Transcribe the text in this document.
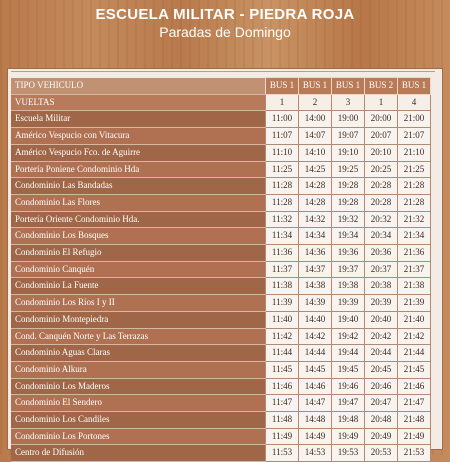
ESCUELA MILITAR - PIEDRA ROJA
Paradas de Domingo
TIPO VEHICULO	BUS 1	BUS 1	BUS 1	BUS 2	BUS 1
VUELTAS	1	2	3	1	4
Escuela Militar	11:00	14:00	19:00	20:00	21:00
Américo Vespucio con Vitacura	11:07	14:07	19:07	20:07	21:07
Américo Vespucio Fco. de Aguirre	11:10	14:10	19:10	20:10	21:10
Portería Poniene Condominio Hda	11:25	14:25	19:25	20:25	21:25
Condominio Las Bandadas	11:28	14:28	19:28	20:28	21:28
Condominio Las Flores	11:28	14:28	19:28	20:28	21:28
Portería Oriente Condominio Hda.	11:32	14:32	19:32	20:32	21:32
Condominio Los Bosques	11:34	14:34	19:34	20:34	21:34
Condominio El Refugio	11:36	14:36	19:36	20:36	21:36
Condominio Canquén	11:37	14:37	19:37	20:37	21:37
Condominio La Fuente	11:38	14:38	19:38	20:38	21:38
Condominio Los Ríos I y II	11:39	14:39	19:39	20:39	21:39
Condominio Montepiedra	11:40	14:40	19:40	20:40	21:40
Cond. Canquén Norte y Las Terrazas	11:42	14:42	19:42	20:42	21:42
Condominio Aguas Claras	11:44	14:44	19:44	20:44	21:44
Condominio Alkura	11:45	14:45	19:45	20:45	21:45
Condominio Los Maderos	11:46	14:46	19:46	20:46	21:46
Condominio El Sendero	11:47	14:47	19:47	20:47	21:47
Condominio Los Candiles	11:48	14:48	19:48	20:48	21:48
Condominio Los Portones	11:49	14:49	19:49	20:49	21:49
Centro de Difusión	11:53	14:53	19:53	20:53	21:53
